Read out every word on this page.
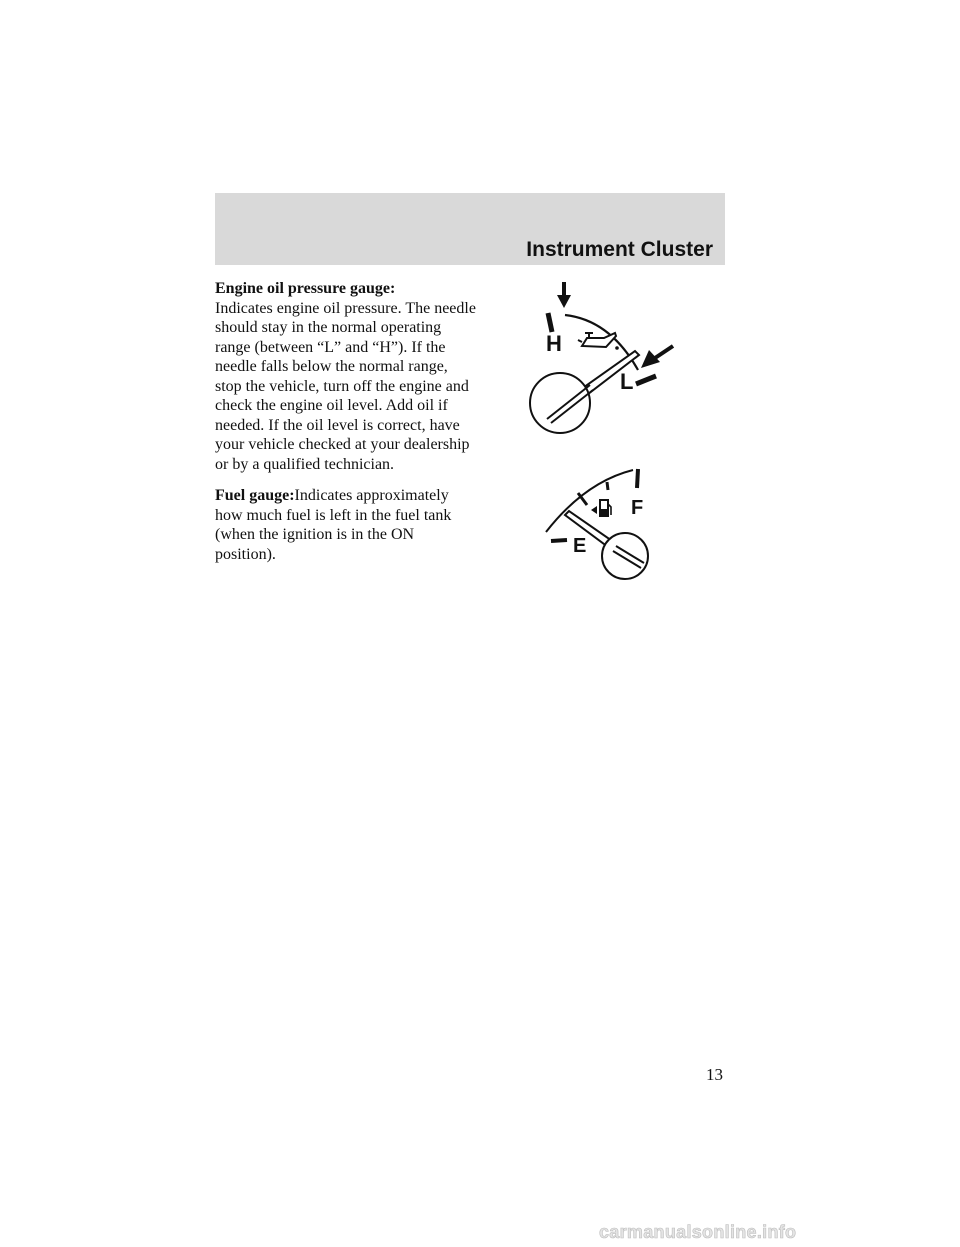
Instrument Cluster

Engine oil pressure gauge:
Indicates engine oil pressure. The needle should stay in the normal operating range (between “L” and “H”). If the needle falls below the normal range, stop the vehicle, turn off the engine and check the engine oil level. Add oil if needed. If the oil level is correct, have your vehicle checked at your dealership or by a qualified technician.

Fuel gauge:Indicates approximately how much fuel is left in the fuel tank (when the ignition is in the ON position).

H
L
F
E
13
carmanualsonline.info
